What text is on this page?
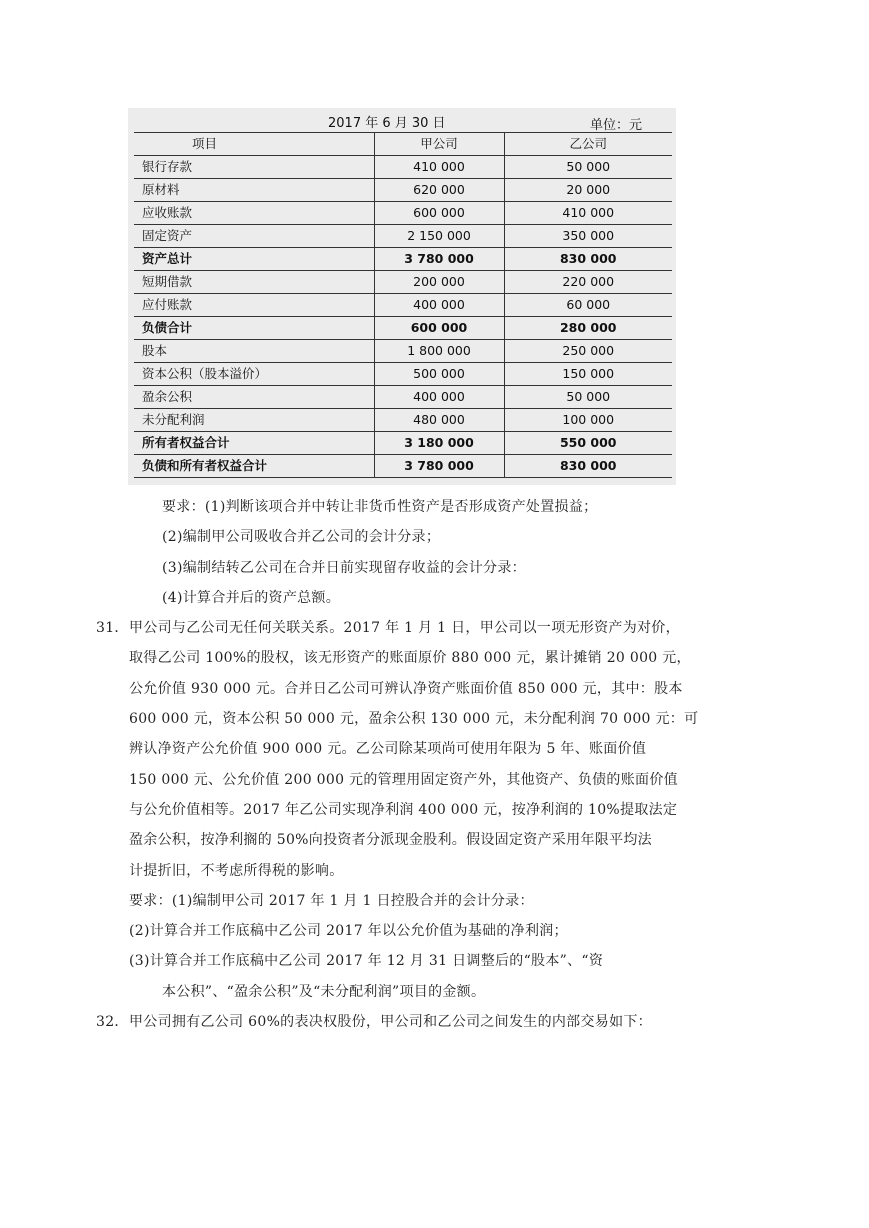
2017 年 6 月 30 日	单位：元
项目	甲公司	乙公司
银行存款	410 000	50 000
原材料	620 000	20 000
应收账款	600 000	410 000
固定资产	2 150 000	350 000
资产总计	3 780 000	830 000
短期借款	200 000	220 000
应付账款	400 000	60 000
负债合计	600 000	280 000
股本	1 800 000	250 000
资本公积（股本溢价）	500 000	150 000
盈余公积	400 000	50 000
未分配利润	480 000	100 000
所有者权益合计	3 180 000	550 000
负债和所有者权益合计	3 780 000	830 000
要求：(1)判断该项合并中转让非货币性资产是否形成资产处置损益；
(2)编制甲公司吸收合并乙公司的会计分录；
(3)编制结转乙公司在合并日前实现留存收益的会计分录：
(4)计算合并后的资产总额。
31．甲公司与乙公司无任何关联关系。2017 年 1 月 1 日，甲公司以一项无形资产为对价，
取得乙公司 100%的股权，该无形资产的账面原价 880 000 元，累计摊销 20 000 元，
公允价值 930 000 元。合并日乙公司可辨认净资产账面价值 850 000 元，其中：股本
600 000 元，资本公积 50 000 元，盈余公积 130 000 元，未分配利润 70 000 元：可
辨认净资产公允价值 900 000 元。乙公司除某项尚可使用年限为 5 年、账面价值
150 000 元、公允价值 200 000 元的管理用固定资产外，其他资产、负债的账面价值
与公允价值相等。2017 年乙公司实现净利润 400 000 元，按净利润的 10%提取法定
盈余公积，按净利搁的 50%向投资者分派现金股利。假设固定资产采用年限平均法
计提折旧，不考虑所得税的影响。
要求：(1)编制甲公司 2017 年 1 月 1 日控股合并的会计分录：
(2)计算合并工作底稿中乙公司 2017 年以公允价值为基础的净利润；
(3)计算合并工作底稿中乙公司 2017 年 12 月 31 日调整后的“股本”、“资
本公积”、“盈余公积”及“未分配利润”项目的金额。
32．甲公司拥有乙公司 60%的表决权股份，甲公司和乙公司之间发生的内部交易如下：
